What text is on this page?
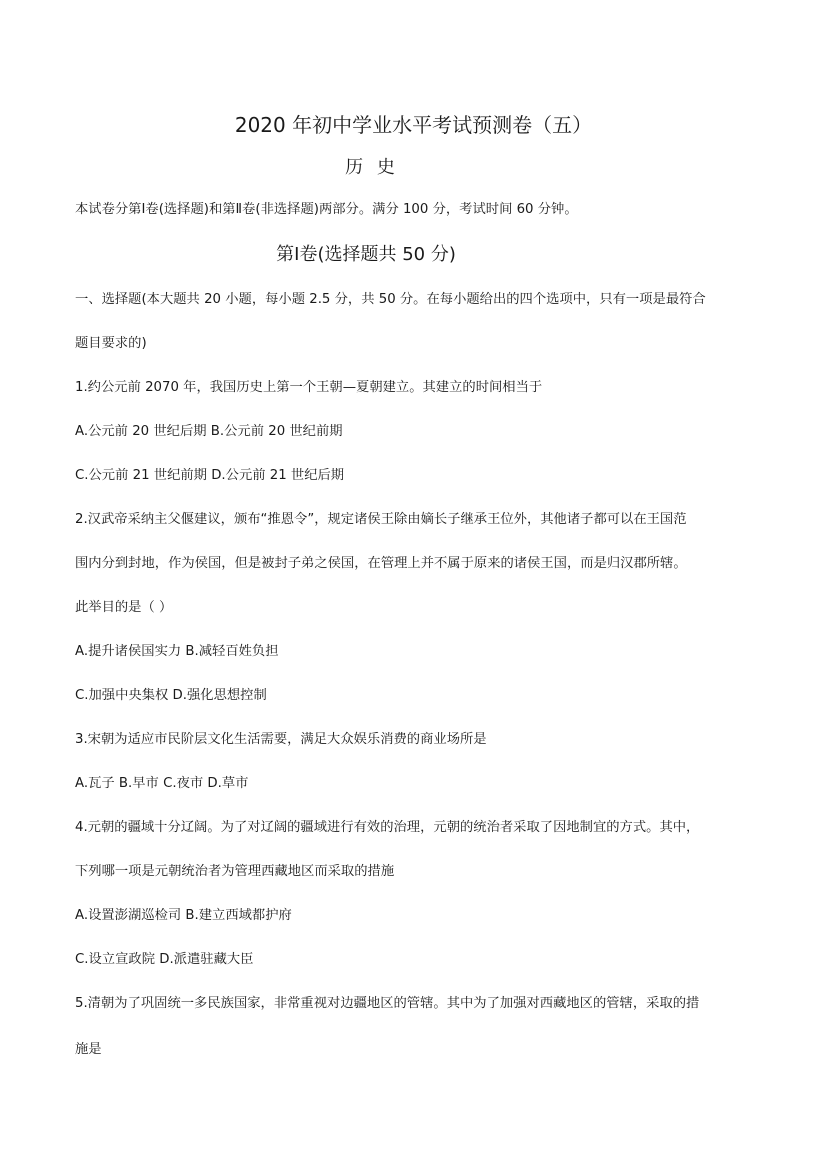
2020 年初中学业水平考试预测卷（五）
历 史
本试卷分第Ⅰ卷(选择题)和第Ⅱ卷(非选择题)两部分。满分 100 分，考试时间 60 分钟。
第Ⅰ卷(选择题共 50 分)
一、选择题(本大题共 20 小题，每小题 2.5 分，共 50 分。在每小题给出的四个选项中，只有一项是最符合
题目要求的)
1.约公元前 2070 年，我国历史上第一个王朝—夏朝建立。其建立的时间相当于
A.公元前 20 世纪后期 B.公元前 20 世纪前期
C.公元前 21 世纪前期 D.公元前 21 世纪后期
2.汉武帝采纳主父偃建议，颁布“推恩令”，规定诸侯王除由嫡长子继承王位外，其他诸子都可以在王国范
围内分到封地，作为侯国，但是被封子弟之侯国，在管理上并不属于原来的诸侯王国，而是归汉郡所辖。
此举目的是（ ）
A.提升诸侯国实力 B.减轻百姓负担
C.加强中央集权 D.强化思想控制
3.宋朝为适应市民阶层文化生活需要，满足大众娱乐消费的商业场所是
A.瓦子 B.早市 C.夜市 D.草市
4.元朝的疆域十分辽阔。为了对辽阔的疆域进行有效的治理，元朝的统治者采取了因地制宜的方式。其中，
下列哪一项是元朝统治者为管理西藏地区而采取的措施
A.设置澎湖巡检司 B.建立西域都护府
C.设立宣政院 D.派遣驻藏大臣
5.清朝为了巩固统一多民族国家，非常重视对边疆地区的管辖。其中为了加强对西藏地区的管辖，采取的措
施是
